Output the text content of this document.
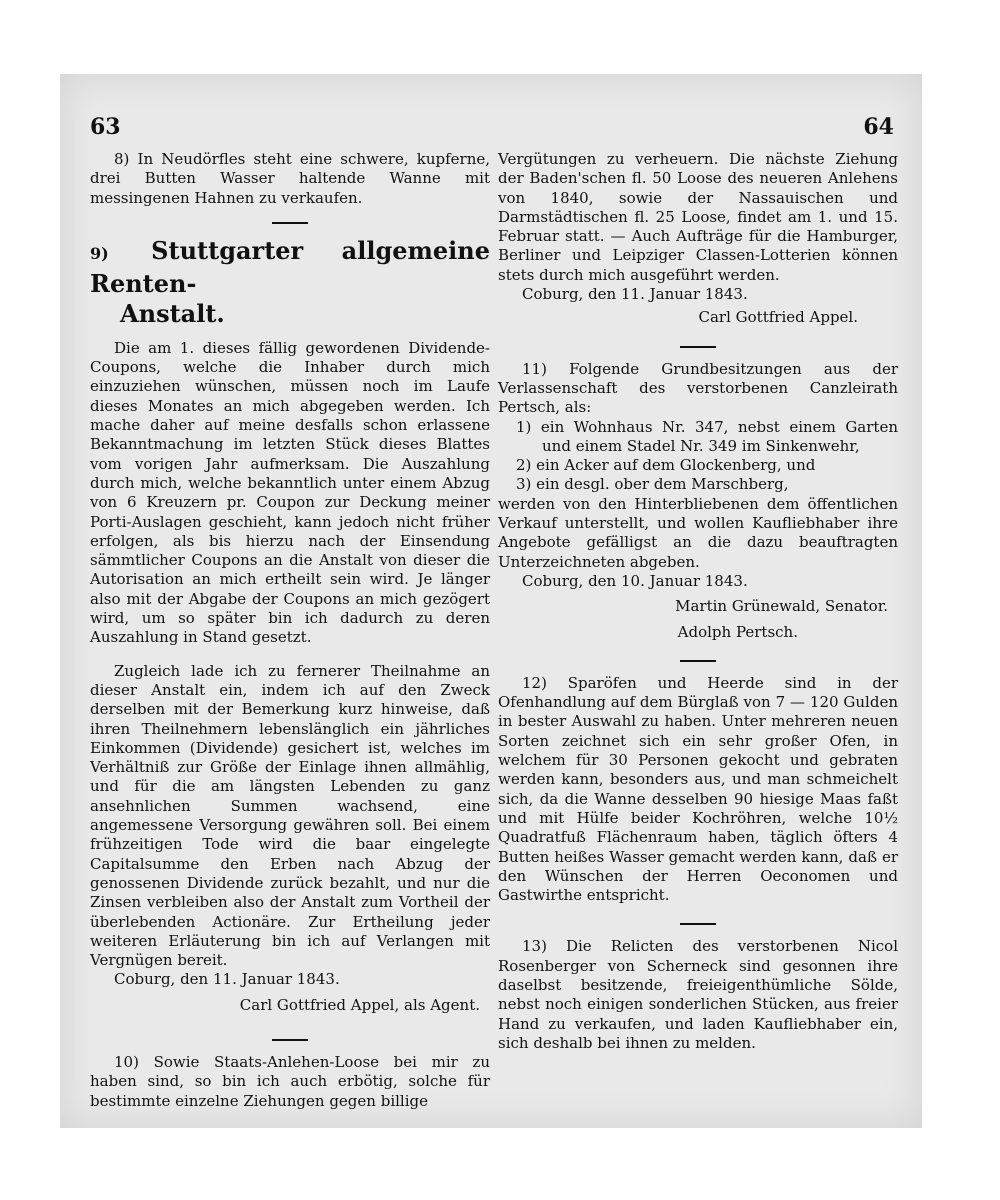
63	64

8) In Neudörfles steht eine schwere, kupferne, drei Butten Wasser haltende Wanne mit messingenen Hahnen zu verkaufen.

9) Stuttgarter allgemeine Renten-
Anstalt.

Die am 1. dieses fällig gewordenen Dividende-Coupons, welche die Inhaber durch mich einzuziehen wünschen, müssen noch im Laufe dieses Monates an mich abgegeben werden. Ich mache daher auf meine desfalls schon erlassene Bekanntmachung im letzten Stück dieses Blattes vom vorigen Jahr aufmerksam. Die Auszahlung durch mich, welche bekanntlich unter einem Abzug von 6 Kreuzern pr. Coupon zur Deckung meiner Porti-Auslagen geschieht, kann jedoch nicht früher erfolgen, als bis hierzu nach der Einsendung sämmtlicher Coupons an die Anstalt von dieser die Autorisation an mich ertheilt sein wird. Je länger also mit der Abgabe der Coupons an mich gezögert wird, um so später bin ich dadurch zu deren Auszahlung in Stand gesetzt.

Zugleich lade ich zu fernerer Theilnahme an dieser Anstalt ein, indem ich auf den Zweck derselben mit der Bemerkung kurz hinweise, daß ihren Theilnehmern lebenslänglich ein jährliches Einkommen (Dividende) gesichert ist, welches im Verhältniß zur Größe der Einlage ihnen allmählig, und für die am längsten Lebenden zu ganz ansehnlichen Summen wachsend, eine angemessene Versorgung gewähren soll. Bei einem frühzeitigen Tode wird die baar eingelegte Capitalsumme den Erben nach Abzug der genossenen Dividende zurück bezahlt, und nur die Zinsen verbleiben also der Anstalt zum Vortheil der überlebenden Actionäre. Zur Ertheilung jeder weiteren Erläuterung bin ich auf Verlangen mit Vergnügen bereit.

Coburg, den 11. Januar 1843.

Carl Gottfried Appel, als Agent.

10) Sowie Staats-Anlehen-Loose bei mir zu haben sind, so bin ich auch erbötig, solche für bestimmte einzelne Ziehungen gegen billige

Vergütungen zu verheuern. Die nächste Ziehung der Baden'schen fl. 50 Loose des neueren Anlehens von 1840, sowie der Nassauischen und Darmstädtischen fl. 25 Loose, findet am 1. und 15. Februar statt. — Auch Aufträge für die Hamburger, Berliner und Leipziger Classen-Lotterien können stets durch mich ausgeführt werden.

Coburg, den 11. Januar 1843.

Carl Gottfried Appel.

11) Folgende Grundbesitzungen aus der Verlassenschaft des verstorbenen Canzleirath Pertsch, als:

1) ein Wohnhaus Nr. 347, nebst einem Garten und einem Stadel Nr. 349 im Sinkenwehr,
2) ein Acker auf dem Glockenberg, und
3) ein desgl. ober dem Marschberg,

werden von den Hinterbliebenen dem öffentlichen Verkauf unterstellt, und wollen Kaufliebhaber ihre Angebote gefälligst an die dazu beauftragten Unterzeichneten abgeben.

Coburg, den 10. Januar 1843.

Martin Grünewald, Senator.
Adolph Pertsch.

12) Sparöfen und Heerde sind in der Ofenhandlung auf dem Bürglaß von 7 — 120 Gulden in bester Auswahl zu haben. Unter mehreren neuen Sorten zeichnet sich ein sehr großer Ofen, in welchem für 30 Personen gekocht und gebraten werden kann, besonders aus, und man schmeichelt sich, da die Wanne desselben 90 hiesige Maas faßt und mit Hülfe beider Kochröhren, welche 10½ Quadratfuß Flächenraum haben, täglich öfters 4 Butten heißes Wasser gemacht werden kann, daß er den Wünschen der Herren Oeconomen und Gastwirthe entspricht.

13) Die Relicten des verstorbenen Nicol Rosenberger von Scherneck sind gesonnen ihre daselbst besitzende, freieigenthümliche Sölde, nebst noch einigen sonderlichen Stücken, aus freier Hand zu verkaufen, und laden Kaufliebhaber ein, sich deshalb bei ihnen zu melden.
